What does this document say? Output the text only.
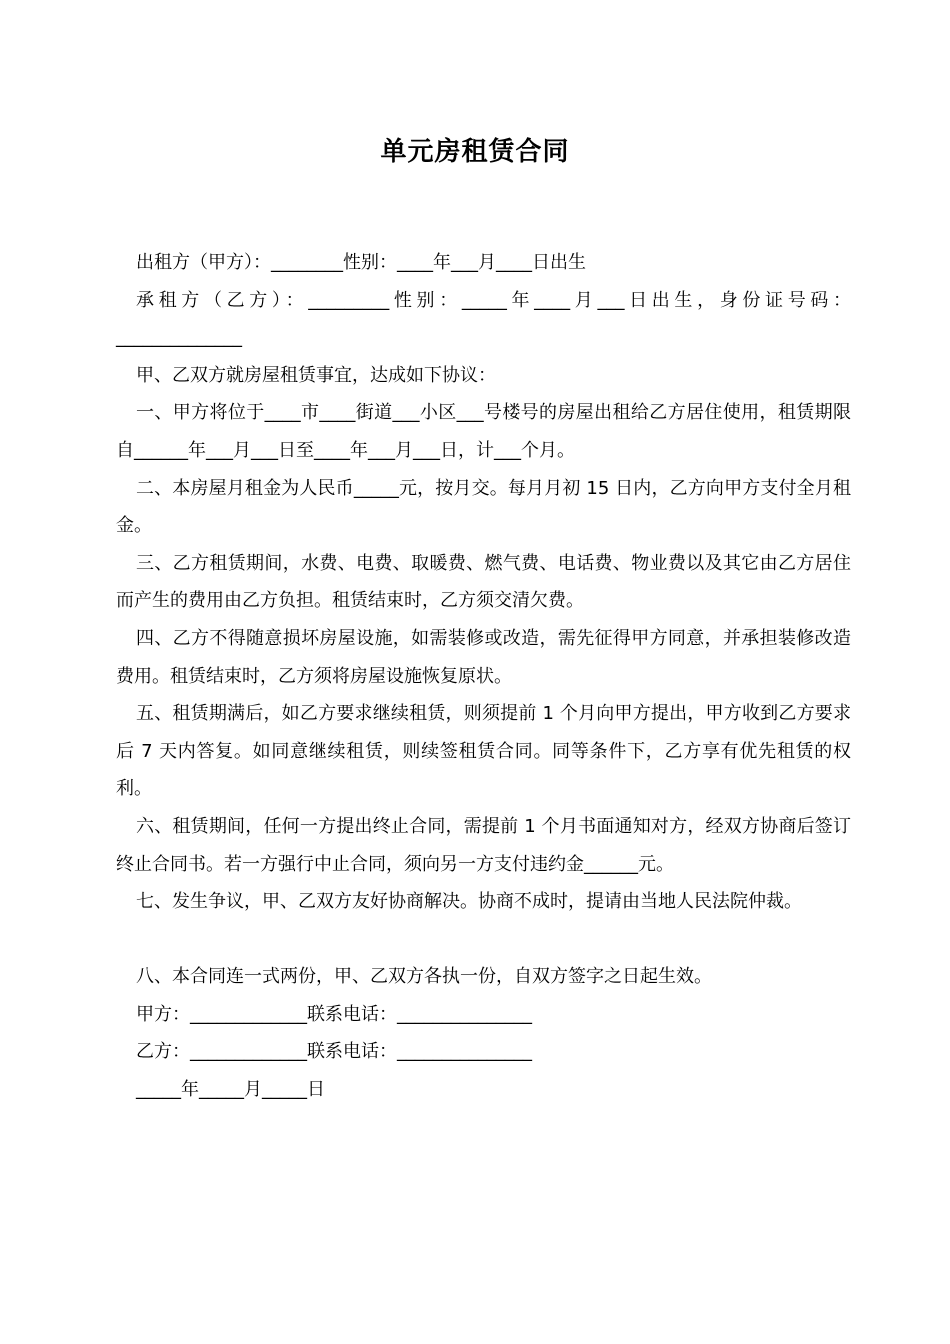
单元房租赁合同

出租方（甲方）：________性别：____年___月____日出生

承租方（乙方）：_________性别：_____年____月___日出生，身份证号码：______________

甲、乙双方就房屋租赁事宜，达成如下协议：

一、甲方将位于____市____街道___小区___号楼号的房屋出租给乙方居住使用，租赁期限自______年___月___日至____年___月___日，计___个月。

二、本房屋月租金为人民币_____元，按月交。每月月初 15 日内，乙方向甲方支付全月租金。

三、乙方租赁期间，水费、电费、取暖费、燃气费、电话费、物业费以及其它由乙方居住而产生的费用由乙方负担。租赁结束时，乙方须交清欠费。

四、乙方不得随意损坏房屋设施，如需装修或改造，需先征得甲方同意，并承担装修改造费用。租赁结束时，乙方须将房屋设施恢复原状。

五、租赁期满后，如乙方要求继续租赁，则须提前 1 个月向甲方提出，甲方收到乙方要求后 7 天内答复。如同意继续租赁，则续签租赁合同。同等条件下，乙方享有优先租赁的权利。

六、租赁期间，任何一方提出终止合同，需提前 1 个月书面通知对方，经双方协商后签订终止合同书。若一方强行中止合同，须向另一方支付违约金______元。

七、发生争议，甲、乙双方友好协商解决。协商不成时，提请由当地人民法院仲裁。

八、本合同连一式两份，甲、乙双方各执一份，自双方签字之日起生效。

甲方：_____________联系电话：_______________

乙方：_____________联系电话：_______________

_____年_____月_____日
